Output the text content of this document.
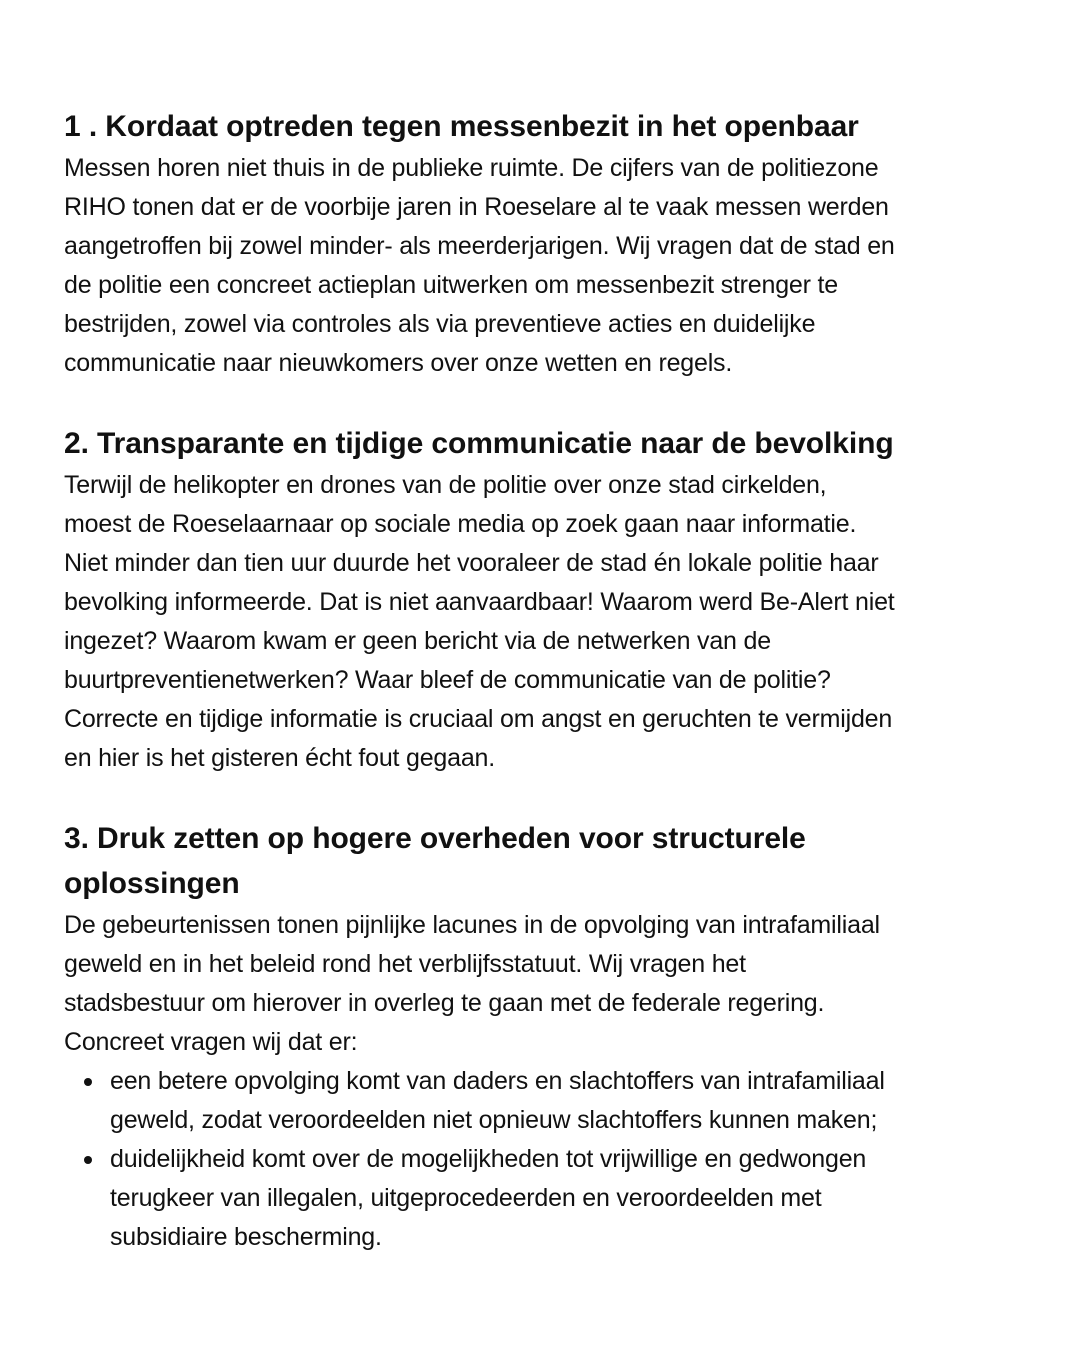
1 . Kordaat optreden tegen messenbezit in het openbaar

Messen horen niet thuis in de publieke ruimte. De cijfers van de politiezone
RIHO tonen dat er de voorbije jaren in Roeselare al te vaak messen werden
aangetroffen bij zowel minder- als meerderjarigen. Wij vragen dat de stad en
de politie een concreet actieplan uitwerken om messenbezit strenger te
bestrijden, zowel via controles als via preventieve acties en duidelijke
communicatie naar nieuwkomers over onze wetten en regels.

2. Transparante en tijdige communicatie naar de bevolking

Terwijl de helikopter en drones van de politie over onze stad cirkelden,
moest de Roeselaarnaar op sociale media op zoek gaan naar informatie.
Niet minder dan tien uur duurde het vooraleer de stad én lokale politie haar
bevolking informeerde. Dat is niet aanvaardbaar! Waarom werd Be-Alert niet
ingezet? Waarom kwam er geen bericht via de netwerken van de
buurtpreventienetwerken? Waar bleef de communicatie van de politie?
Correcte en tijdige informatie is cruciaal om angst en geruchten te vermijden
en hier is het gisteren écht fout gegaan.

3. Druk zetten op hogere overheden voor structurele
oplossingen

De gebeurtenissen tonen pijnlijke lacunes in de opvolging van intrafamiliaal
geweld en in het beleid rond het verblijfsstatuut. Wij vragen het
stadsbestuur om hierover in overleg te gaan met de federale regering.
Concreet vragen wij dat er:

een betere opvolging komt van daders en slachtoffers van intrafamiliaal
geweld, zodat veroordeelden niet opnieuw slachtoffers kunnen maken;
duidelijkheid komt over de mogelijkheden tot vrijwillige en gedwongen
terugkeer van illegalen, uitgeprocedeerden en veroordeelden met
subsidiaire bescherming.
